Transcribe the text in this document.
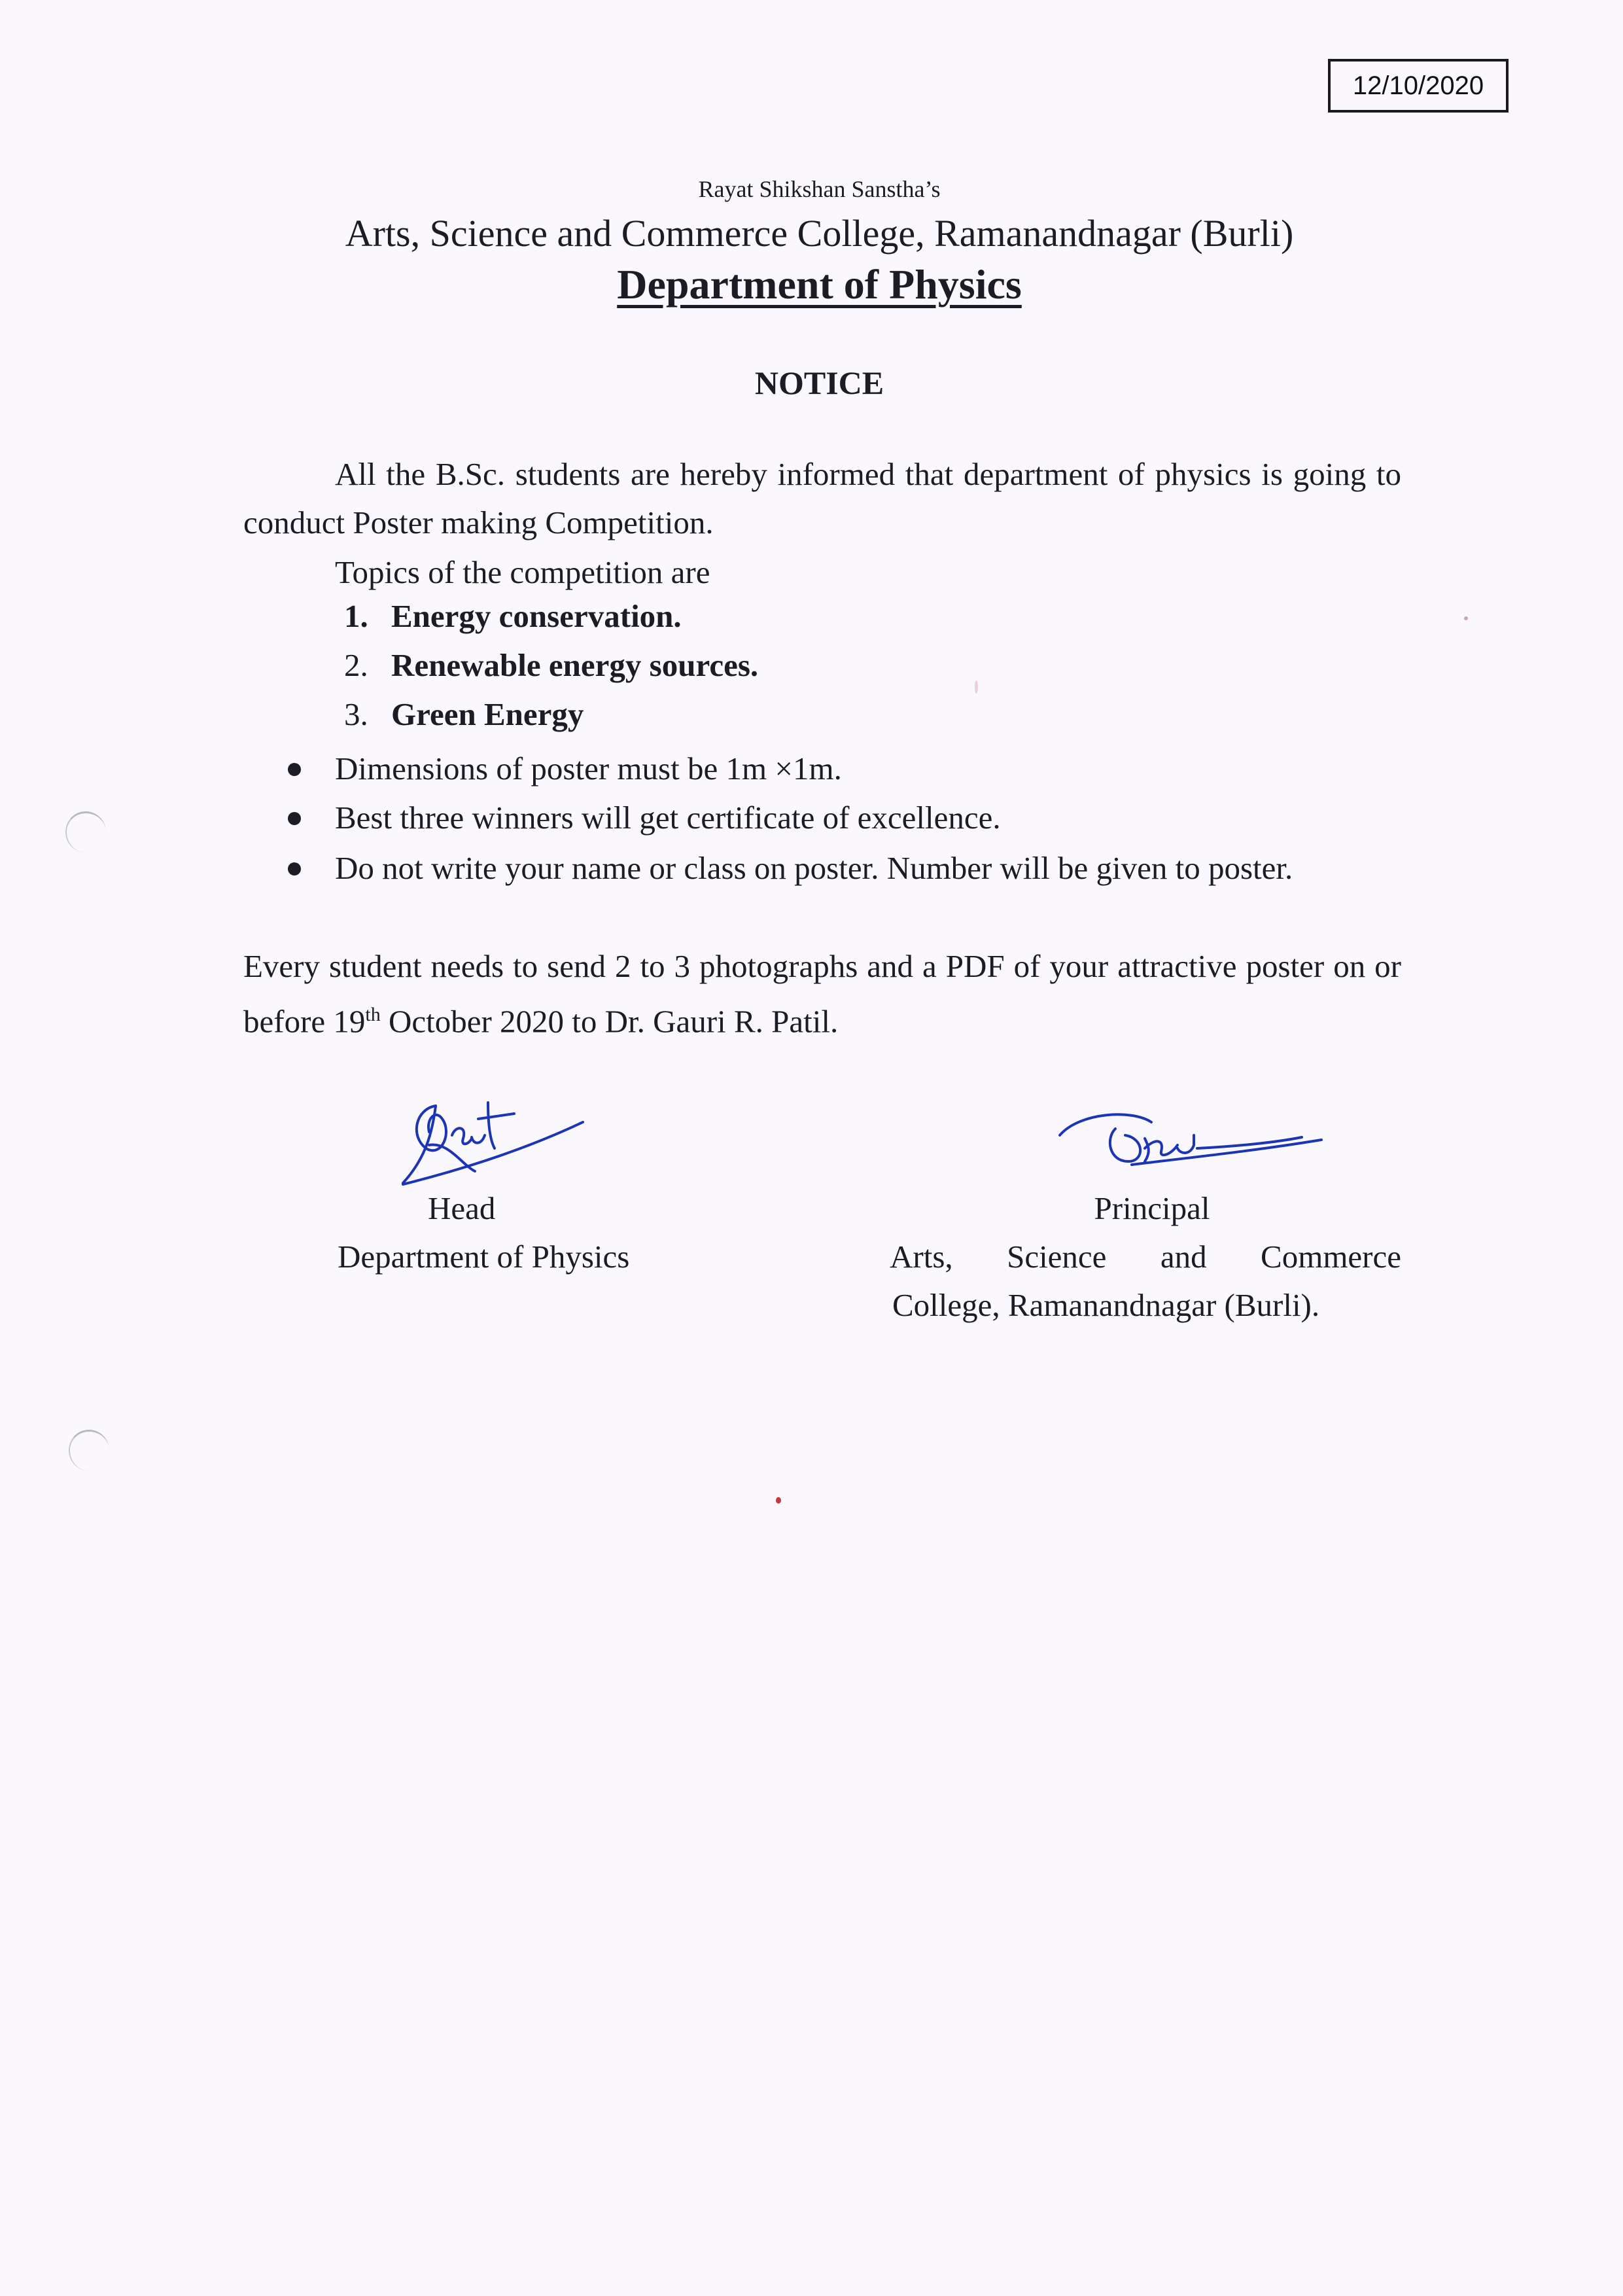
12/10/2020
Rayat Shikshan Sanstha’s
Arts, Science and Commerce College, Ramanandnagar (Burli)
Department of Physics
NOTICE
All the B.Sc. students are hereby informed that department of physics is going to conduct Poster making Competition.
Topics of the competition are
1. Energy conservation.
2. Renewable energy sources.
3. Green Energy
Dimensions of poster must be 1m ×1m.
Best three winners will get certificate of excellence.
Do not write your name or class on poster. Number will be given to poster.
Every student needs to send 2 to 3 photographs and a PDF of your attractive poster on or before 19th October 2020 to Dr. Gauri R. Patil.
Head
Department of Physics
Principal
Arts, Science and Commerce
College, Ramanandnagar (Burli).
